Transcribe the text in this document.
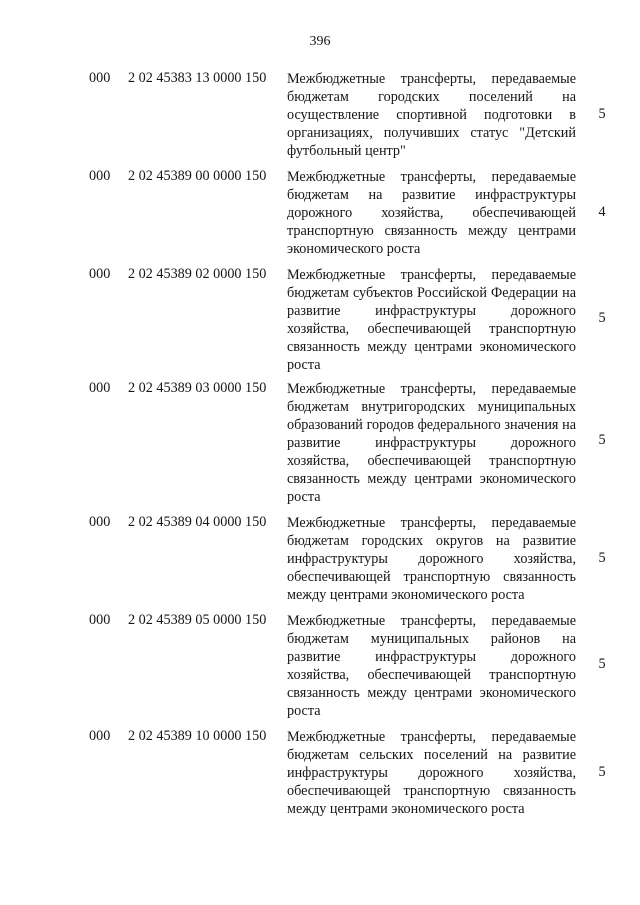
396
000 2 02 45383 13 0000 150 Межбюджетные трансферты, передаваемые бюджетам городских поселений на осуществление спортивной подготовки в организациях, получивших статус "Детский футбольный центр"
5
000 2 02 45389 00 0000 150 Межбюджетные трансферты, передаваемые бюджетам на развитие инфраструктуры дорожного хозяйства, обеспечивающей транспортную связанность между центрами экономического роста
4
000 2 02 45389 02 0000 150 Межбюджетные трансферты, передаваемые бюджетам субъектов Российской Федерации на развитие инфраструктуры дорожного хозяйства, обеспечивающей транспортную связанность между центрами экономического роста
5
000 2 02 45389 03 0000 150 Межбюджетные трансферты, передаваемые бюджетам внутригородских муниципальных образований городов федерального значения на развитие инфраструктуры дорожного хозяйства, обеспечивающей транспортную связанность между центрами экономического роста
5
000 2 02 45389 04 0000 150 Межбюджетные трансферты, передаваемые бюджетам городских округов на развитие инфраструктуры дорожного хозяйства, обеспечивающей транспортную связанность между центрами экономического роста
5
000 2 02 45389 05 0000 150 Межбюджетные трансферты, передаваемые бюджетам муниципальных районов на развитие инфраструктуры дорожного хозяйства, обеспечивающей транспортную связанность между центрами экономического роста
5
000 2 02 45389 10 0000 150 Межбюджетные трансферты, передаваемые бюджетам сельских поселений на развитие инфраструктуры дорожного хозяйства, обеспечивающей транспортную связанность между центрами экономического роста
5
